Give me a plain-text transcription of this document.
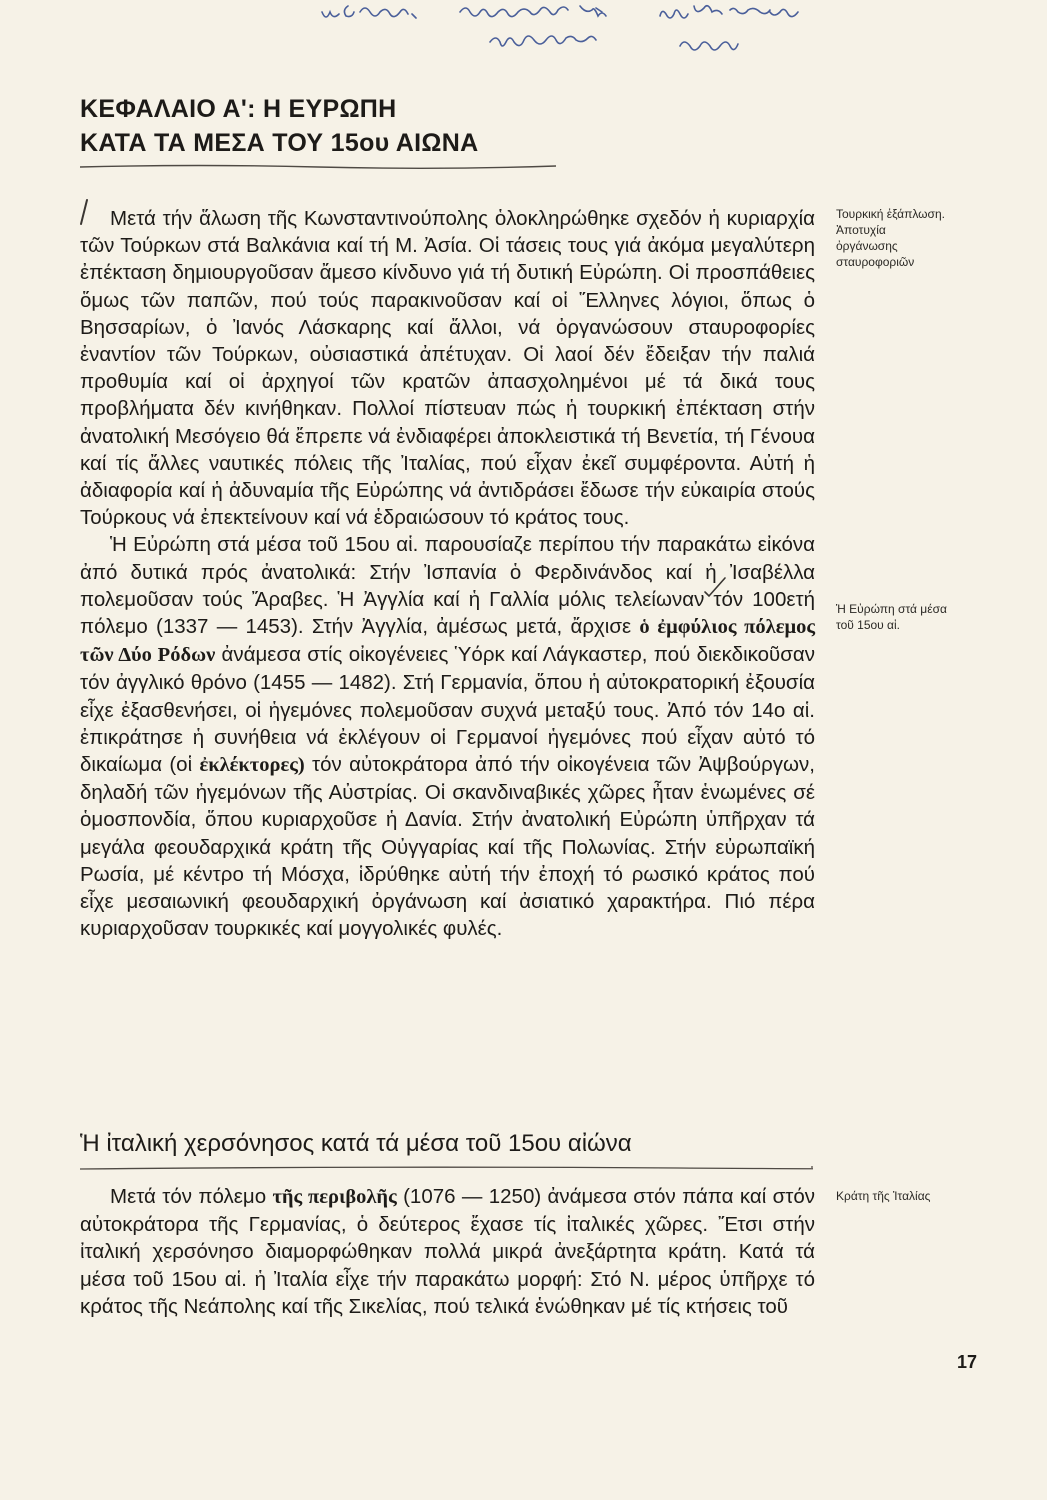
ΚΕΦΑΛΑΙΟ Α': Η ΕΥΡΩΠΗ
ΚΑΤΑ ΤΑ ΜΕΣΑ ΤΟΥ 15ου ΑΙΩΝΑ

Μετά τήν ἅλωση τῆς Κωνσταντινούπολης ὁλοκληρώθηκε σχεδόν ἡ κυριαρχία τῶν Τούρκων στά Βαλκάνια καί τή Μ. Ἀσία. Οἱ τάσεις τους γιά ἀκόμα μεγαλύτερη ἐπέκταση δημιουργοῦσαν ἄμεσο κίνδυνο γιά τή δυτική Εὐρώπη. Οἱ προσπάθειες ὅμως τῶν παπῶν, πού τούς παρακινοῦσαν καί οἱ Ἕλληνες λόγιοι, ὅπως ὁ Βησσαρίων, ὁ Ἰανός Λάσκαρης καί ἄλλοι, νά ὀργανώσουν σταυροφορίες ἐναντίον τῶν Τούρκων, οὐσιαστικά ἀπέτυχαν. Οἱ λαοί δέν ἔδειξαν τήν παλιά προθυμία καί οἱ ἀρχηγοί τῶν κρατῶν ἀπασχολημένοι μέ τά δικά τους προβλήματα δέν κινήθηκαν. Πολλοί πίστευαν πώς ἡ τουρκική ἐπέκταση στήν ἀνατολική Μεσόγειο θά ἔπρεπε νά ἐνδιαφέρει ἀποκλειστικά τή Βενετία, τή Γένουα καί τίς ἄλλες ναυτικές πόλεις τῆς Ἰταλίας, πού εἶχαν ἐκεῖ συμφέροντα. Αὐτή ἡ ἀδιαφορία καί ἡ ἀδυναμία τῆς Εὐρώπης νά ἀντιδράσει ἔδωσε τήν εὐκαιρία στούς Τούρκους νά ἐπεκτείνουν καί νά ἑδραιώσουν τό κράτος τους.

Ἡ Εὐρώπη στά μέσα τοῦ 15ου αἱ. παρουσίαζε περίπου τήν παρακάτω εἰκόνα ἀπό δυτικά πρός ἀνατολικά: Στήν Ἰσπανία ὁ Φερδινάνδος καί ἡ Ἰσαβέλλα πολεμοῦσαν τούς Ἄραβες. Ἡ Ἀγγλία καί ἡ Γαλλία μόλις τελείωναν τόν 100ετή πόλεμο (1337 — 1453). Στήν Ἀγγλία, ἀμέσως μετά, ἄρχισε ὁ ἐμφύλιος πόλεμος τῶν Δύο Ρόδων ἀνάμεσα στίς οἰκογένειες Ὑόρκ καί Λάγκαστερ, πού διεκδικοῦσαν τόν ἀγγλικό θρόνο (1455 — 1482). Στή Γερμανία, ὅπου ἡ αὐτοκρατορική ἐξουσία εἶχε ἐξασθενήσει, οἱ ἡγεμόνες πολεμοῦσαν συχνά μεταξύ τους. Ἀπό τόν 14ο αἱ. ἐπικράτησε ἡ συνήθεια νά ἐκλέγουν οἱ Γερμανοί ἡγεμόνες πού εἶχαν αὐτό τό δικαίωμα (οἱ ἐκλέκτορες) τόν αὐτοκράτορα ἀπό τήν οἰκογένεια τῶν Ἀψβούργων, δηλαδή τῶν ἡγεμόνων τῆς Αὐστρίας. Οἱ σκανδιναβικές χῶρες ἦταν ἑνωμένες σέ ὁμοσπονδία, ὅπου κυριαρχοῦσε ἡ Δανία. Στήν ἀνατολική Εὐρώπη ὑπῆρχαν τά μεγάλα φεουδαρχικά κράτη τῆς Οὐγγαρίας καί τῆς Πολωνίας. Στήν εὐρωπαϊκή Ρωσία, μέ κέντρο τή Μόσχα, ἱδρύθηκε αὐτή τήν ἐποχή τό ρωσικό κράτος πού εἶχε μεσαιωνική φεουδαρχική ὀργάνωση καί ἀσιατικό χαρακτήρα. Πιό πέρα κυριαρχοῦσαν τουρκικές καί μογγολικές φυλές.

Τουρκική ἐξάπλωση.
Ἀποτυχία
ὀργάνωσης
σταυροφοριῶν
Ἡ Εὐρώπη στά μέσα
τοῦ 15ου αἱ.
Ἡ ἰταλική χερσόνησος κατά τά μέσα τοῦ 15ου αἰώνα

Μετά τόν πόλεμο τῆς περιβολῆς (1076 — 1250) ἀνάμεσα στόν πάπα καί στόν αὐτοκράτορα τῆς Γερμανίας, ὁ δεύτερος ἔχασε τίς ἰταλικές χῶρες. Ἔτσι στήν ἰταλική χερσόνησο διαμορφώθηκαν πολλά μικρά ἀνεξάρτητα κράτη. Κατά τά μέσα τοῦ 15ου αἱ. ἡ Ἰταλία εἶχε τήν παρακάτω μορφή: Στό Ν. μέρος ὑπῆρχε τό κράτος τῆς Νεάπολης καί τῆς Σικελίας, πού τελικά ἑνώθηκαν μέ τίς κτήσεις τοῦ

Κράτη τῆς Ἰταλίας
17
